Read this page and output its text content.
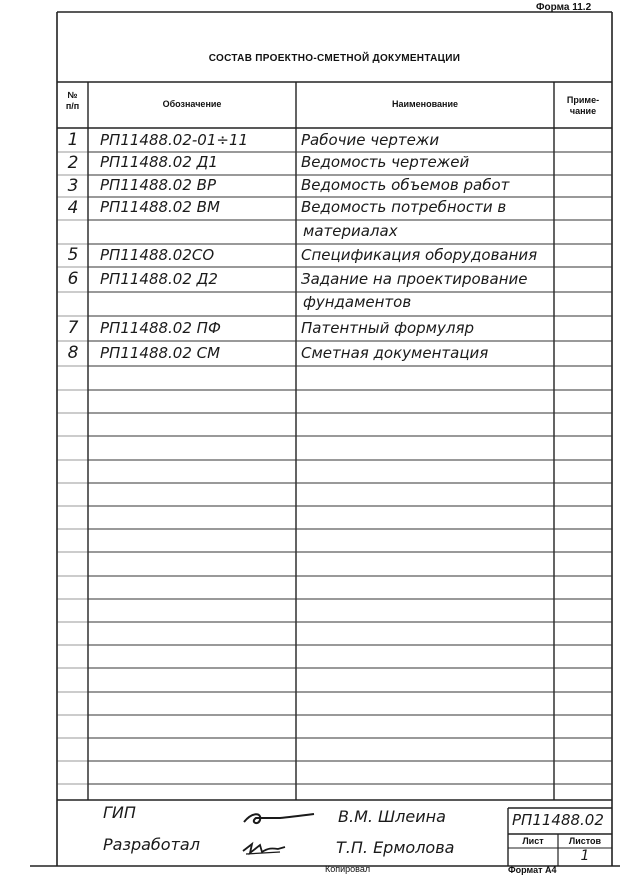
Форма 11.2
СОСТАВ ПРОЕКТНО-СМЕТНОЙ ДОКУМЕНТАЦИИ
№
п/п	Обозначение	Наименование	Приме-
чание
1	РП11488.02-01÷11	Рабочие чертежи
2	РП11488.02 Д1	Ведомость чертежей
3	РП11488.02 ВР	Ведомость объемов работ
4	РП11488.02 ВМ	Ведомость потребности в
материалах
5	РП11488.02СО	Спецификация оборудования
6	РП11488.02 Д2	Задание на проектирование
фундаментов
7	РП11488.02 ПФ	Патентный формуляр
8	РП11488.02 СМ	Сметная документация
ГИП	В.М. Шлеина
Разработал	Т.П. Ермолова
РП11488.02
Лист	Листов
1
Копировал	Формат А4
